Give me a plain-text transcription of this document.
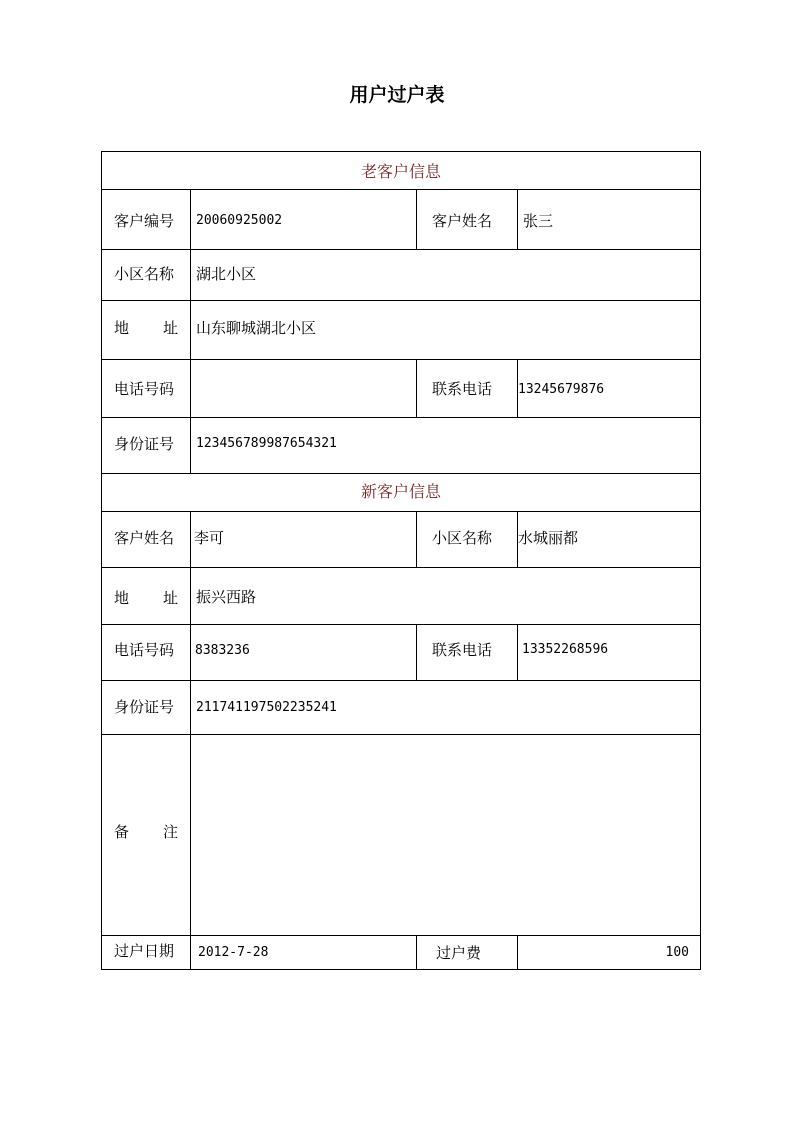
用户过户表
老客户信息
客户编号 20060925002	客户姓名 张三
小区名称 湖北小区
地 址 山东聊城湖北小区
电话号码	联系电话 13245679876
身份证号 123456789987654321
新客户信息
客户姓名 李可	小区名称 水城丽都
地 址 振兴西路
电话号码 8383236	联系电话 13352268596
身份证号 211741197502235241
备 注
过户日期 2012-7-28	过户费	100
